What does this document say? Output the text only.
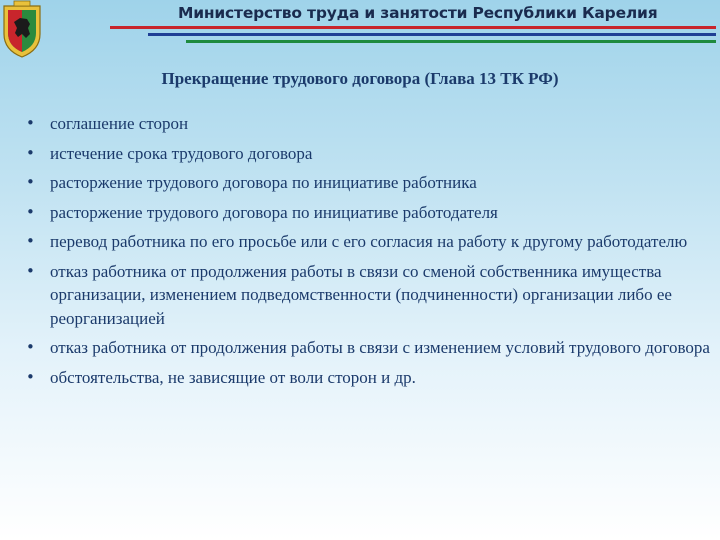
Министерство труда и занятости Республики Карелия
Прекращение трудового договора (Глава 13 ТК РФ)
• соглашение сторон
• истечение срока трудового договора
• расторжение трудового договора по инициативе работника
• расторжение трудового договора по инициативе работодателя
• перевод работника по его просьбе или с его согласия на работу к другому работодателю
• отказ работника от продолжения работы в связи со сменой собственника имущества организации, изменением подведомственности (подчиненности) организации либо ее реорганизацией
• отказ работника от продолжения работы в связи с изменением условий трудового договора
• обстоятельства, не зависящие от воли сторон и др.
